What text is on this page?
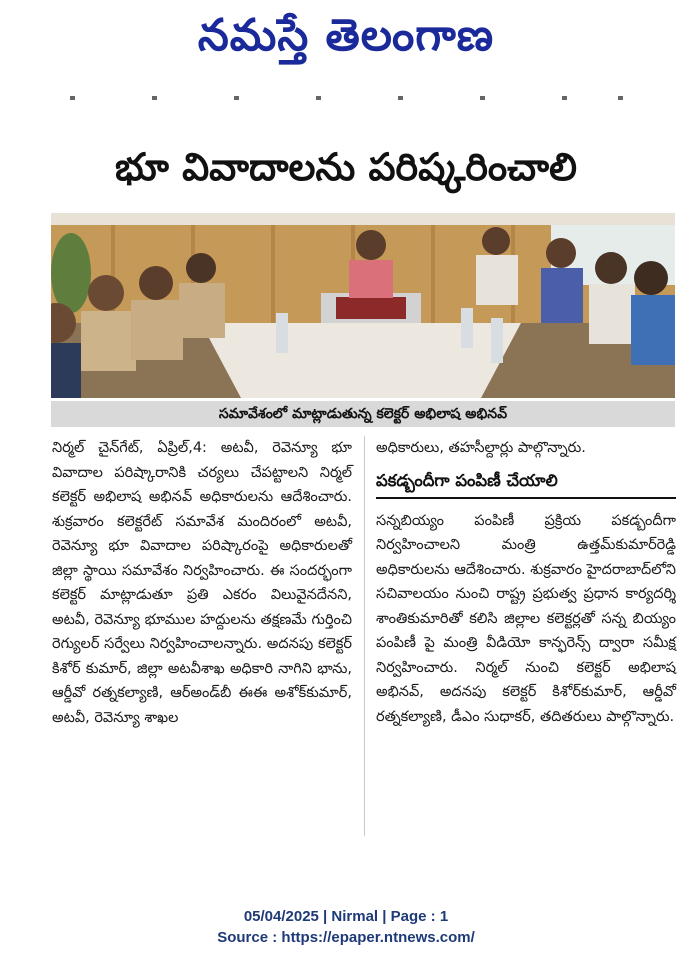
నమస్తే తెలంగాణ
భూ వివాదాలను పరిష్కరించాలి
సమావేశంలో మాట్లాడుతున్న కలెక్టర్ అభిలాష అభినవ్
నిర్మల్ చైన్‌గేట్, ఏప్రిల్,4: అటవీ, రెవెన్యూ భూ వివాదాల పరిష్కారానికి చర్యలు చేపట్టాలని నిర్మల్ కలెక్టర్ అభిలాష అభినవ్ అధికారులను ఆదేశించారు. శుక్రవారం కలెక్టరేట్ సమావేశ మందిరంలో అటవీ, రెవెన్యూ భూ వివాదాల పరిష్కారంపై అధికారులతో జిల్లా స్థాయి సమావేశం నిర్వహించారు. ఈ సందర్భంగా కలెక్టర్ మాట్లాడుతూ ప్రతి ఎకరం విలువైనదేనని, అటవీ, రెవెన్యూ భూముల హద్దులను తక్షణమే గుర్తించి రెగ్యులర్ సర్వేలు నిర్వహించాలన్నారు. అదనపు కలెక్టర్ కిశోర్ కుమార్, జిల్లా అటవీశాఖ అధికారి నాగిని భాను, ఆర్డీవో రత్నకల్యాణి, ఆర్‌అండ్‌బీ ఈఈ అశోక్‌కుమార్, అటవీ, రెవెన్యూ శాఖల
అధికారులు, తహసీల్దార్లు పాల్గొన్నారు.
పకడ్బందీగా పంపిణీ చేయాలి
సన్నబియ్యం పంపిణీ ప్రక్రియ పకడ్బందీగా నిర్వహించాలని మంత్రి ఉత్తమ్‌కుమార్‌రెడ్డి అధికారులను ఆదేశించారు. శుక్రవారం హైదరాబాద్‌లోని సచివాలయం నుంచి రాష్ట్ర ప్రభుత్వ ప్రధాన కార్యదర్శి శాంతికుమారితో కలిసి జిల్లాల కలెక్టర్లతో సన్న బియ్యం పంపిణీ పై మంత్రి వీడియో కాన్ఫరెన్స్ ద్వారా సమీక్ష నిర్వహించారు. నిర్మల్ నుంచి కలెక్టర్ అభిలాష అభినవ్, అదనపు కలెక్టర్ కిశోర్‌కుమార్, ఆర్డీవో రత్నకల్యాణి, డీఎం సుధాకర్, తదితరులు పాల్గొన్నారు.
05/04/2025 | Nirmal | Page : 1
Source : https://epaper.ntnews.com/
